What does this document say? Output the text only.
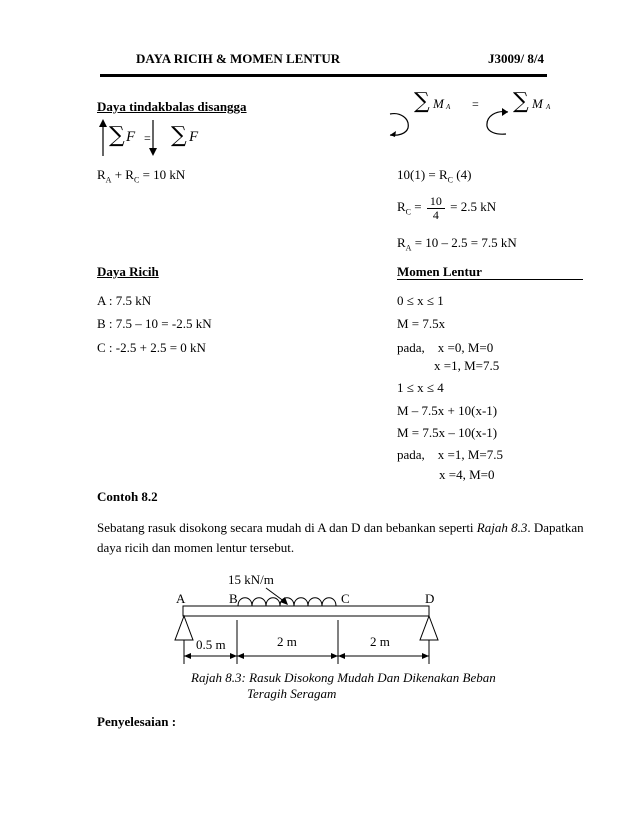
DAYA RICIH & MOMEN LENTUR	J3009/ 8/4
Daya tindakbalas disangga	∑ M A = ∑ M A
∑ F = ∑ F
$R_A + R_C = 10$ kN	$10(1) = R_C$ (4)
$R_C = \frac{10}{4} = 2.5$ kN
$R_A = 10 - 2.5 = 7.5$ kN
Daya Ricih
A : 7.5 kN
B : 7.5 – 10 = -2.5 kN
C : -2.5 + 2.5 = 0 kN
Momen Lentur
0 ≤ x ≤ 1
M = 7.5x
pada,    x =0, M=0
x =1, M=7.5
1 ≤ x ≤ 4
M – 7.5x + 10(x-1)
M = 7.5x – 10(x-1)
pada,    x =1, M=7.5
x =4, M=0
Contoh 8.2
Sebatang rasuk disokong secara mudah di A dan D dan bebankan seperti Rajah 8.3. Dapatkan
daya ricih dan momen lentur tersebut.
15 kN/m
A	B	C	D
0.5 m	2 m	2 m
Rajah 8.3: Rasuk Disokong Mudah Dan Dikenakan Beban
Teragih Seragam
Penyelesaian :
